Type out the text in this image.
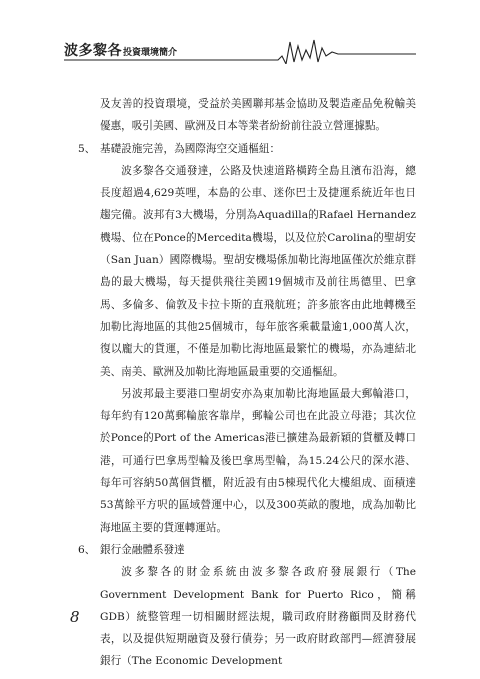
波多黎各投資環境簡介

及友善的投資環境，受益於美國聯邦基金協助及製造產品免稅輸美優惠，吸引美國、歐洲及日本等業者紛紛前往設立營運據點。

5、 基礎設施完善，為國際海空交通樞紐：

波多黎各交通發達，公路及快速道路橫跨全島且濱布沿海，總長度超過4,629英哩，本島的公車、迷你巴士及捷運系統近年也日趨完備。波邦有3大機場，分別為Aquadilla的Rafael Hernandez機場、位在Ponce的Mercedita機場，以及位於Carolina的聖胡安（San Juan）國際機場。聖胡安機場係加勒比海地區僅次於維京群島的最大機場，每天提供飛往美國19個城市及前往馬德里、巴拿馬、多倫多、倫敦及卡拉卡斯的直飛航班；許多旅客由此地轉機至加勒比海地區的其他25個城市，每年旅客乘載量逾1,000萬人次，復以龐大的貨運，不僅是加勒比海地區最繁忙的機場，亦為連結北美、南美、歐洲及加勒比海地區最重要的交通樞紐。

另波邦最主要港口聖胡安亦為東加勒比海地區最大郵輪港口，每年約有120萬郵輪旅客靠岸，郵輪公司也在此設立母港；其次位於Ponce的Port of the Americas港已擴建為最新穎的貨櫃及轉口港，可通行巴拿馬型輪及後巴拿馬型輪，為15.24公尺的深水港、每年可容納50萬個貨櫃，附近設有由5棟現代化大樓組成、面積達53萬餘平方呎的區域營運中心，以及300英畝的腹地，成為加勒比海地區主要的貨運轉運站。

6、 銀行金融體系發達

波多黎各的財金系統由波多黎各政府發展銀行（The Government Development Bank for Puerto Rico，簡稱GDB）統整管理一切相關財經法規，職司政府財務顧問及財務代表，以及提供短期融資及發行債券；另一政府財政部門—經濟發展銀行（The Economic Development

8
